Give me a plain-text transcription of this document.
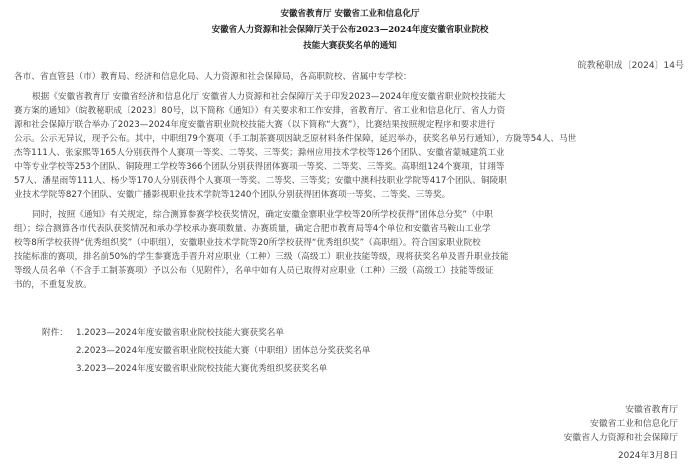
安徽省教育厅 安徽省工业和信息化厅
安徽省人力资源和社会保障厅关于公布2023—2024年度安徽省职业院校
技能大赛获奖名单的通知
皖教秘职成〔2024〕14号
各市、省直管县（市）教育局、经济和信息化局、人力资源和社会保障局，各高职院校、省属中专学校：
根据《安徽省教育厅 安徽省经济和信息化厅 安徽省人力资源和社会保障厅关于印发2023—2024年度安徽省职业院校技能大
赛方案的通知》（皖教秘职成〔2023〕80号，以下简称《通知》）有关要求和工作安排，省教育厅、省工业和信息化厅、省人力资
源和社会保障厅联合举办了2023—2024年度安徽省职业院校技能大赛（以下简称“大赛”），比赛结果按照规定程序和要求进行
公示。公示无异议，现予公布。其中，中职组79个赛项（手工制茶赛项因缺乏原材料条件保障，延迟举办，获奖名单另行通知），方陇等54人、马世
杰等111人、张家熙等165人分别获得个人赛项一等奖、二等奖、三等奖；滁州应用技术学校等126个团队、安徽省蒙城建筑工业
中等专业学校等253个团队、铜陵理工学校等366个团队分别获得团体赛项一等奖、二等奖、三等奖。高职组124个赛项，甘翊等
57人、潘星雨等111人、杨少等170人分别获得个人赛项一等奖、二等奖、三等奖；安徽中澳科技职业学院等417个团队、铜陵职
业技术学院等827个团队、安徽广播影视职业技术学院等1240个团队分别获得团体赛项一等奖、二等奖、三等奖。
同时，按照《通知》有关规定，综合测算参赛学校获奖情况，确定安徽金寨职业学校等20所学校获得“团体总分奖”（中职
组）；综合测算各市代表队获奖情况和承办学校承办赛项数量、办赛质量，确定合肥市教育局等4个单位和安徽省马鞍山工业学
校等8所学校获得“优秀组织奖”（中职组），安徽职业技术学院等20所学校获得“优秀组织奖”（高职组）。符合国家职业院校
技能标准的赛项，排名前50%的学生参赛选手晋升对应职业（工种）三级（高级工）职业技能等级，现将获奖名单及晋升职业技能
等级人员名单（不含手工制茶赛项）予以公布（见附件），名单中如有人员已取得对应职业（工种）三级（高级工）技能等级证
书的，不重复发放。
附件： 1.2023—2024年度安徽省职业院校技能大赛获奖名单
2.2023—2024年度安徽省职业院校技能大赛（中职组）团体总分奖获奖名单
3.2023—2024年度安徽省职业院校技能大赛优秀组织奖获奖名单
安徽省教育厅
安徽省工业和信息化厅
安徽省人力资源和社会保障厅
2024年3月8日
